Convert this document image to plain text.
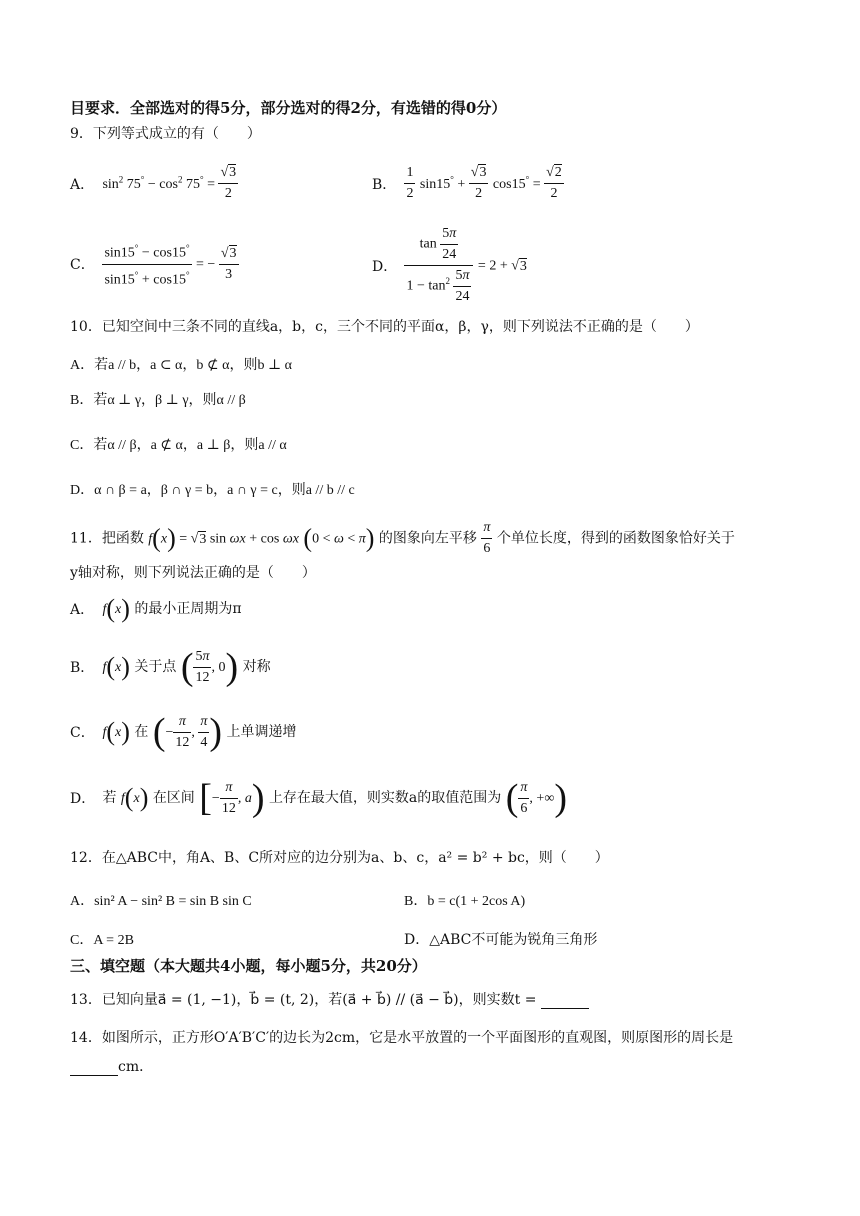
目要求．全部选对的得5分，部分选对的得2分，有选错的得0分）
9．下列等式成立的有（　　）
A． $\sin^2 75^\circ - \cos^2 75^\circ = \frac{√3}{2}$	B． $\frac{1}{2} \sin 15^\circ + \frac{√3}{2} \cos 15^\circ = \frac{√2}{2}$
C． $\frac{\sin 15^\circ - \cos 15^\circ}{\sin 15^\circ + \cos 15^\circ}$ = − $\frac{√3}{3}$	D． $\frac{\tan \frac{5\pi}{24}}{1 - \tan^2 \frac{5\pi}{24}} = 2 + √3$
10．已知空间中三条不同的直线a，b，c，三个不同的平面α，β，γ，则下列说法不正确的是（　　）
A．若a // b，a ⊂ α，b ⊄ α，则b ⊥ α
B．若α ⊥ γ，β ⊥ γ，则α // β
C．若α // β，a ⊄ α，a ⊥ β，则a // α
D．α ∩ β = a，β ∩ γ = b，a ∩ γ = c，则a // b // c
11．把函数 f(x) = √3 sin ωx + cos ωx (0 < ω < π) 的图象向左平移 $\frac{\pi}{6}$ 个单位长度，得到的函数图象恰好关于
y轴对称，则下列说法正确的是（　　）
A． f(x) 的最小正周期为π
B． f(x) 关于点 ( $\frac{5\pi}{12}$ , 0) 对称
C． f(x) 在 (− $\frac{\pi}{12}$ , $\frac{\pi}{4}$ ) 上单调递增
D． 若 f(x) 在区间 [− $\frac{\pi}{12}$ , a) 上存在最大值，则实数a的取值范围为 ( $\frac{\pi}{6}$ , +∞)
12．在△ABC中，角A、B、C所对应的边分别为a、b、c，a² = b² + bc，则（　　）
A．sin² A − sin² B = sin B sin C	B．b = c(1 + 2cos A)
C．A = 2B	D．△ABC不可能为锐角三角形
三、填空题（本大题共4小题，每小题5分，共20分）
13．已知向量a⃗ = (1, −1)，b⃗ = (t, 2)，若(a⃗ + b⃗) // (a⃗ − b⃗)，则实数t =
14．如图所示，正方形O′A′B′C′的边长为2cm，它是水平放置的一个平面图形的直观图，则原图形的周长是
cm．
